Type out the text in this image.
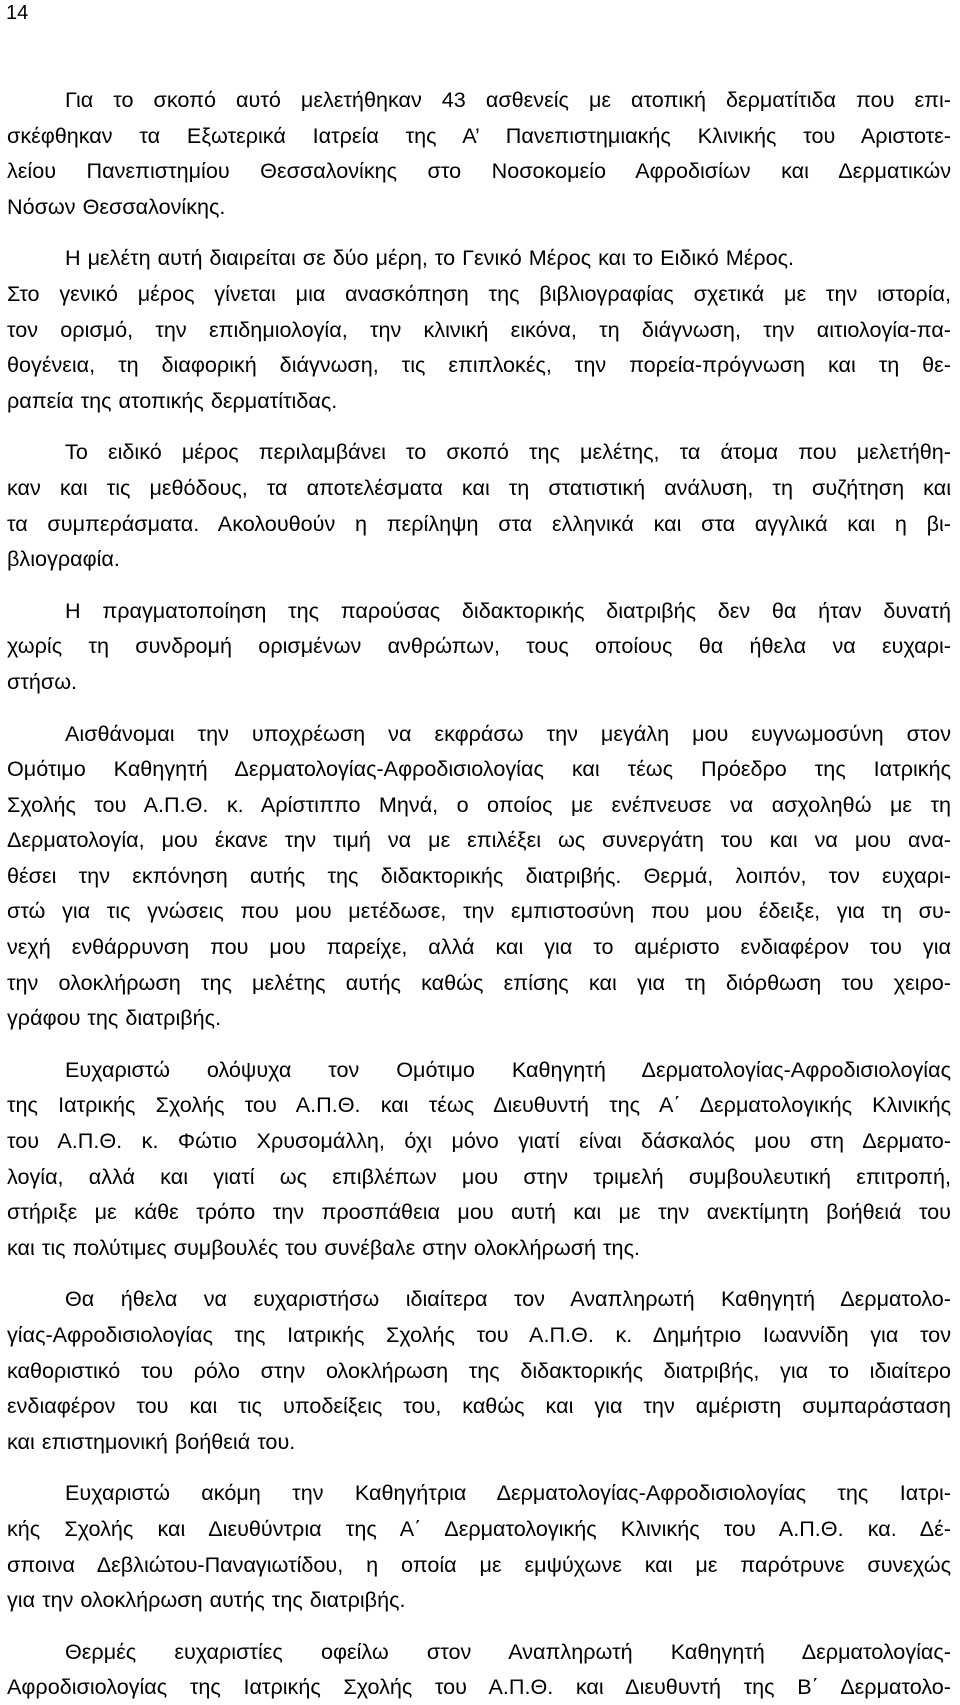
14
Για το σκοπό αυτό μελετήθηκαν 43 ασθενείς με ατοπική δερματίτιδα που επι-
σκέφθηκαν τα Εξωτερικά Ιατρεία της Α’ Πανεπιστημιακής Κλινικής του Αριστοτε-
λείου Πανεπιστημίου Θεσσαλονίκης στο Νοσοκομείο Αφροδισίων και Δερματικών
Νόσων Θεσσαλονίκης.
Η μελέτη αυτή διαιρείται σε δύο μέρη, το Γενικό Μέρος και το Ειδικό Μέρος.
Στο γενικό μέρος γίνεται μια ανασκόπηση της βιβλιογραφίας σχετικά με την ιστορία,
τον ορισμό, την επιδημιολογία, την κλινική εικόνα, τη διάγνωση, την αιτιολογία-πα-
θογένεια, τη διαφορική διάγνωση, τις επιπλοκές, την πορεία-πρόγνωση και τη θε-
ραπεία της ατοπικής δερματίτιδας.
Το ειδικό μέρος περιλαμβάνει το σκοπό της μελέτης, τα άτομα που μελετήθη-
καν και τις μεθόδους, τα αποτελέσματα και τη στατιστική ανάλυση, τη συζήτηση και
τα συμπεράσματα. Ακολουθούν η περίληψη στα ελληνικά και στα αγγλικά και η βι-
βλιογραφία.
Η πραγματοποίηση της παρούσας διδακτορικής διατριβής δεν θα ήταν δυνατή
χωρίς τη συνδρομή ορισμένων ανθρώπων, τους οποίους θα ήθελα να ευχαρι-
στήσω.
Αισθάνομαι την υποχρέωση να εκφράσω την μεγάλη μου ευγνωμοσύνη στον
Ομότιμο Καθηγητή Δερματολογίας-Αφροδισιολογίας και τέως Πρόεδρο της Ιατρικής
Σχολής του Α.Π.Θ. κ. Αρίστιππο Μηνά, ο οποίος με ενέπνευσε να ασχοληθώ με τη
Δερματολογία, μου έκανε την τιμή να με επιλέξει ως συνεργάτη του και να μου ανα-
θέσει την εκπόνηση αυτής της διδακτορικής διατριβής. Θερμά, λοιπόν, τον ευχαρι-
στώ για τις γνώσεις που μου μετέδωσε, την εμπιστοσύνη που μου έδειξε, για τη συ-
νεχή ενθάρρυνση που μου παρείχε, αλλά και για το αμέριστο ενδιαφέρον του για
την ολοκλήρωση της μελέτης αυτής καθώς επίσης και για τη διόρθωση του χειρο-
γράφου της διατριβής.
Ευχαριστώ ολόψυχα τον Ομότιμο Καθηγητή Δερματολογίας-Αφροδισιολογίας
της Ιατρικής Σχολής του Α.Π.Θ. και τέως Διευθυντή της Α΄ Δερματολογικής Κλινικής
του Α.Π.Θ. κ. Φώτιο Χρυσομάλλη, όχι μόνο γιατί είναι δάσκαλός μου στη Δερματο-
λογία, αλλά και γιατί ως επιβλέπων μου στην τριμελή συμβουλευτική επιτροπή,
στήριξε με κάθε τρόπο την προσπάθεια μου αυτή και με την ανεκτίμητη βοήθειά του
και τις πολύτιμες συμβουλές του συνέβαλε στην ολοκλήρωσή της.
Θα ήθελα να ευχαριστήσω ιδιαίτερα τον Αναπληρωτή Καθηγητή Δερματολο-
γίας-Αφροδισιολογίας της Ιατρικής Σχολής του Α.Π.Θ. κ. Δημήτριο Ιωαννίδη για τον
καθοριστικό του ρόλο στην ολοκλήρωση της διδακτορικής διατριβής, για το ιδιαίτερο
ενδιαφέρον του και τις υποδείξεις του, καθώς και για την αμέριστη συμπαράσταση
και επιστημονική βοήθειά του.
Ευχαριστώ ακόμη την Καθηγήτρια Δερματολογίας-Αφροδισιολογίας της Ιατρι-
κής Σχολής και Διευθύντρια της Α΄ Δερματολογικής Κλινικής του Α.Π.Θ. κα. Δέ-
σποινα Δεβλιώτου-Παναγιωτίδου, η οποία με εμψύχωνε και με παρότρυνε συνεχώς
για την ολοκλήρωση αυτής της διατριβής.
Θερμές ευχαριστίες οφείλω στον Αναπληρωτή Καθηγητή Δερματολογίας-
Αφροδισιολογίας της Ιατρικής Σχολής του Α.Π.Θ. και Διευθυντή της Β΄ Δερματολο-
